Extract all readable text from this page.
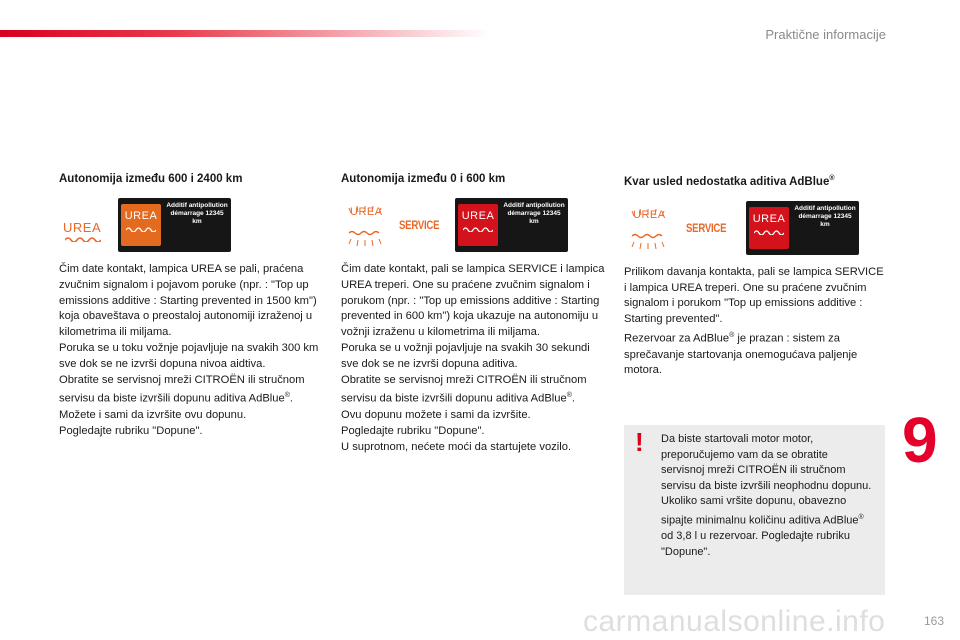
Praktične informacije
Autonomija između 600 i 2400 km
UREA
UREA
Additif antipollution démarrage 12345 km

Čim date kontakt, lampica UREA se pali, praćena zvučnim signalom i pojavom poruke (npr. : "Top up emissions additive : Starting prevented in 1500 km") koja obaveštava o preostaloj autonomiji izraženoj u kilometrima ili miljama.

Poruka se u toku vožnje pojavljuje na svakih 300 km sve dok se ne izvrši dopuna nivoa aidtiva.

Obratite se servisnoj mreži CITROËN ili stručnom servisu da biste izvršili dopunu aditiva AdBlue®.

Možete i sami da izvršite ovu dopunu.

Pogledajte rubriku "Dopune".

Autonomija između 0 i 600 km
UREA
SERVICE
UREA
Additif antipollution démarrage 12345 km

Čim date kontakt, pali se lampica SERVICE i lampica UREA treperi. One su praćene zvučnim signalom i porukom (npr. : "Top up emissions additive : Starting prevented in 600 km") koja ukazuje na autonomiju u vožnji izraženu u kilometrima ili miljama.

Poruka se u vožnji pojavljuje na svakih 30 sekundi sve dok se ne izvrši dopuna aditiva.

Obratite se servisnoj mreži CITROËN ili stručnom servisu da biste izvršili dopunu aditiva AdBlue®.

Ovu dopunu možete i sami da izvršite.

Pogledajte rubriku "Dopune".

U suprotnom, nećete moći da startujete vozilo.

Kvar usled nedostatka aditiva AdBlue®
UREA
SERVICE
UREA
Additif antipollution démarrage 12345 km

Prilikom davanja kontakta, pali se lampica SERVICE i lampica UREA treperi. One su praćene zvučnim signalom i porukom "Top up emissions additive : Starting prevented".

Rezervoar za AdBlue® je prazan : sistem za sprečavanje startovanja onemogućava paljenje motora.

! Da biste startovali motor motor, preporučujemo vam da se obratite servisnoj mreži CITROËN ili stručnom servisu da biste izvršili neophodnu dopunu. Ukoliko sami vršite dopunu, obavezno sipajte minimalnu količinu aditiva AdBlue® od 3,8 l u rezervoar. Pogledajte rubriku "Dopune".
9
carmanualsonline.info	163
